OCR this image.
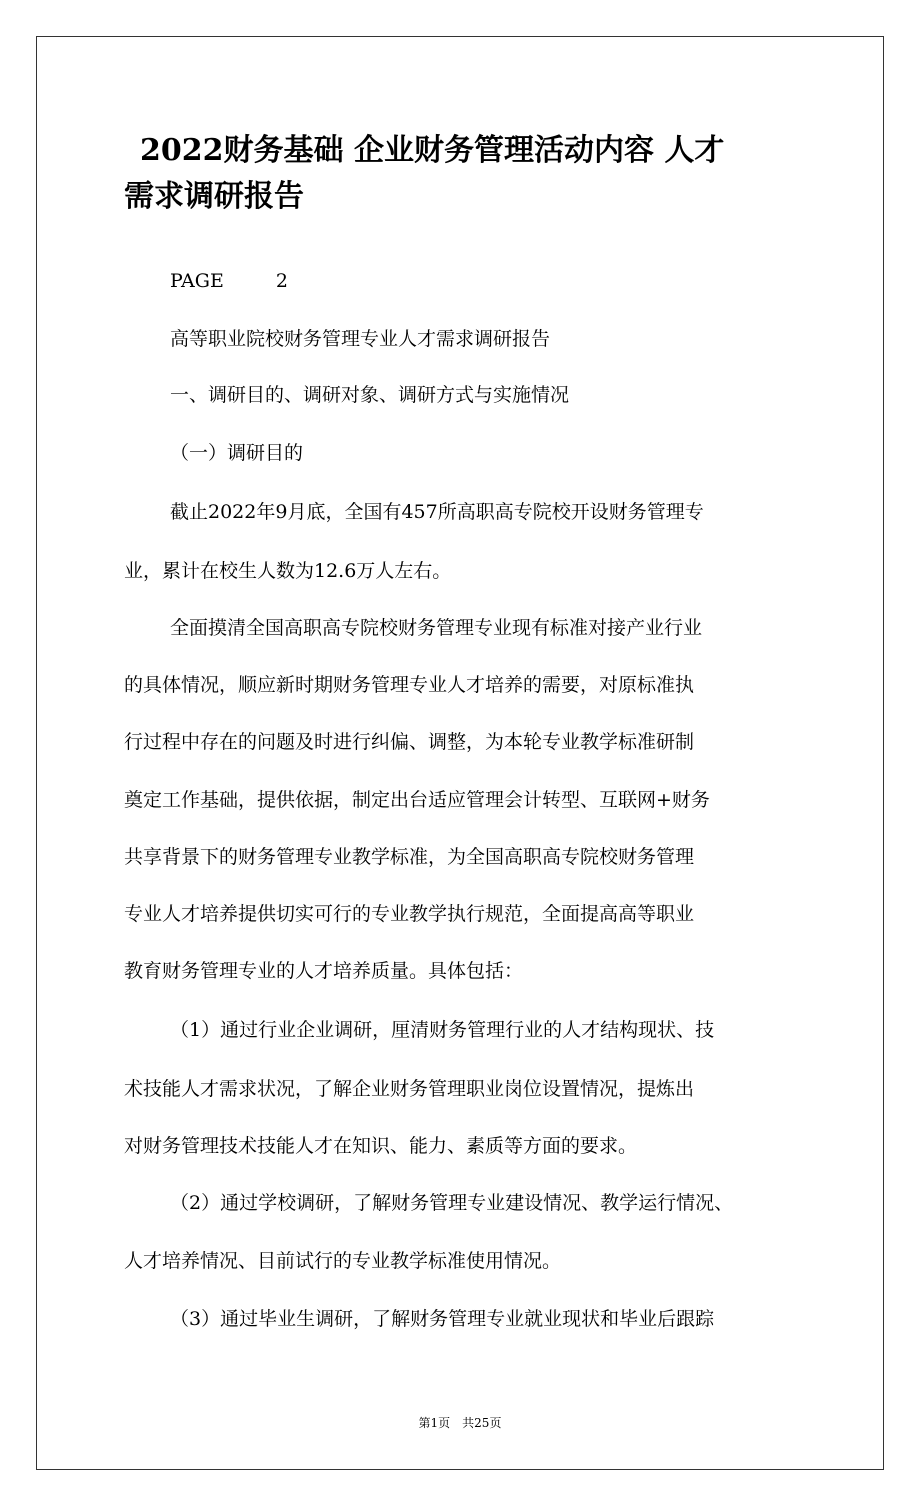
2022财务基础 企业财务管理活动内容 人才
需求调研报告
PAGE	2
高等职业院校财务管理专业人才需求调研报告
一、调研目的、调研对象、调研方式与实施情况
（一）调研目的
截止2022年9月底，全国有457所高职高专院校开设财务管理专
业，累计在校生人数为12.6万人左右。
全面摸清全国高职高专院校财务管理专业现有标准对接产业行业
的具体情况，顺应新时期财务管理专业人才培养的需要，对原标准执
行过程中存在的问题及时进行纠偏、调整，为本轮专业教学标准研制
奠定工作基础，提供依据，制定出台适应管理会计转型、互联网+财务
共享背景下的财务管理专业教学标准，为全国高职高专院校财务管理
专业人才培养提供切实可行的专业教学执行规范，全面提高高等职业
教育财务管理专业的人才培养质量。具体包括：
（1）通过行业企业调研，厘清财务管理行业的人才结构现状、技
术技能人才需求状况，了解企业财务管理职业岗位设置情况，提炼出
对财务管理技术技能人才在知识、能力、素质等方面的要求。
（2）通过学校调研，了解财务管理专业建设情况、教学运行情况、
人才培养情况、目前试行的专业教学标准使用情况。
（3）通过毕业生调研，了解财务管理专业就业现状和毕业后跟踪
第1页 共25页
